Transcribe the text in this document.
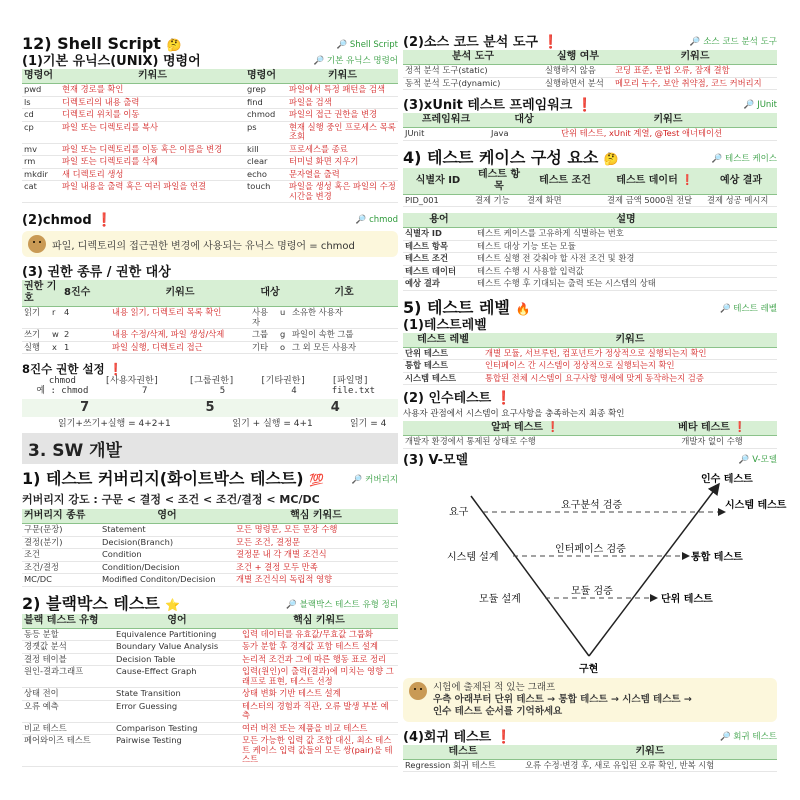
12) Shell Script 🤔	🔎 Shell Script
(1)기본 유닉스(UNIX) 명령어	🔎 기본 유닉스 명령어
명령어	키워드	명령어	키워드
pwd	현재 경로를 확인	grep	파일에서 특정 패턴을 검색
ls	디렉토리의 내용 출력	find	파일을 검색
cd	디렉토리 위치를 이동	chmod	파일의 접근 권한을 변경
cp	파일 또는 디렉토리를 복사	ps	현재 실행 중인 프로세스 목록 조회
mv	파일 또는 디렉토리를 이동 혹은 이름을 변경	kill	프로세스를 종료
rm	파일 또는 디렉토리를 삭제	clear	터미널 화면 지우기
mkdir	새 디렉토리 생성	echo	문자열을 출력
cat	파일 내용을 출력 혹은 여러 파일을 연결	touch	파일을 생성 혹은 파일의 수정 시간을 변경
(2)chmod ❗	🔎 chmod
파일, 디렉토리의 접근권한 변경에 사용되는 유닉스 명령어 = chmod
(3) 권한 종류 / 권한 대상
권한 기호		8진수	키워드	대상		기호
읽기	r	4	내용 읽기, 디렉토리 목록 확인	사용자	u	소유한 사용자
쓰기	w	2	내용 수정/삭제, 파일 생성/삭제	그룹	g	파일이 속한 그룹
실행	x	1	파일 실행, 디렉토리 접근	기타	o	그 외 모든 사용자
8진수 권한 설정 ❗
chmod	[사용자권한]	[그룹권한]	[기타권한]	[파일명]
예 : chmod	7	5	4	file.txt
7	5	4
읽기+쓰기+실행 = 4+2+1	읽기 + 실행 = 4+1	읽기 = 4
3. SW 개발
1) 테스트 커버리지(화이트박스 테스트) 💯	🔎 커버리지
커버리지 강도 : 구문 < 결정 < 조건 < 조건/결정 < MC/DC
커버리지 종류	영어	핵심 키워드
구문(문장)	Statement	모든 명령문, 모든 문장 수행
결정(분기)	Decision(Branch)	모든 조건, 결정문
조건	Condition	결정문 내 각 개별 조건식
조건/결정	Condition/Decision	조건 + 결정 모두 만족
MC/DC	Modified Conditon/Decision	개별 조건식의 독립적 영향
2) 블랙박스 테스트 ⭐	🔎 블랙박스 테스트 유형 정리
블랙 테스트 유형	영어	핵심 키워드
동등 분할	Equivalence Partitioning	입력 데이터를 유효값/무효값 그룹화
경곗값 분석	Boundary Value Analysis	동가 분할 후 경계값 포함 테스트 설계
결정 테이블	Decision Table	논리적 조건과 그에 따른 행동 표로 정리
원인-결과그래프	Cause-Effect Graph	입력(원인)이 출력(결과)에 미치는 영향 그래프로 표현, 테스트 선정
상태 전이	State Transition	상태 변화 기반 테스트 설계
오류 예측	Error Guessing	테스터의 경험과 직관, 오류 발생 부분 예측
비교 테스트	Comparison Testing	여러 버전 또는 제품을 비교 테스트
페어와이즈 테스트	Pairwise Testing	모든 가능한 입력 값 조합 대신, 최소 테스트 케이스 입력 값들의 모든 쌍(pair)을 테스트
(2)소스 코드 분석 도구 ❗	🔎 소스 코드 분석 도구
분석 도구	실행 여부	키워드
정적 분석 도구(static)	실행하지 않음	코딩 표준, 문법 오류, 잠재 결함
동적 분석 도구(dynamic)	실행하면서 분석	메모리 누수, 보안 취약점, 코드 커버리지
(3)xUnit 테스트 프레임워크 ❗	🔎 JUnit
프레임워크	대상	키워드
JUnit	Java	단위 테스트, xUnit 계열, @Test 애너테이션
4) 테스트 케이스 구성 요소 🤔	🔎 테스트 케이스
식별자 ID	테스트 항목	테스트 조건	테스트 데이터 ❗	예상 결과
PID_001	결제 기능	결제 화면	결제 금액 5000원 전달	결제 성공 메시지
용어	설명
식별자 ID	테스트 케이스를 고유하게 식별하는 번호
테스트 항목	테스트 대상 기능 또는 모듈
테스트 조건	테스트 실행 전 갖춰야 할 사전 조건 및 환경
테스트 데이터	테스트 수행 시 사용할 입력값
예상 결과	테스트 수행 후 기대되는 출력 또는 시스템의 상태
5) 테스트 레벨 🔥	🔎 테스트 레벨
(1)테스트레벨
테스트 레벨	키워드
단위 테스트	개별 모듈, 서브루틴, 컴포넌트가 정상적으로 실행되는지 확인
통합 테스트	인터페이스 간 시스템이 정상적으로 실행되는지 확인
시스템 테스트	통합된 전체 시스템이 요구사항 명세에 맞게 동작하는지 검증
(2) 인수테스트 ❗
사용자 관점에서 시스템이 요구사항을 충족하는지 최종 확인
알파 테스트 ❗	베타 테스트 ❗
개발자 환경에서 통제된 상태로 수행	개발자 없이 수행
(3) V-모델	🔎 V-모델
요구
요구분석 검증
인수 테스트
시스템 테스트
시스템 설계
인터페이스 검증
통합 테스트
모듈 설계
모듈 검증
단위 테스트
구현
시험에 출제된 적 있는 그래프
우측 아래부터 단위 테스트 → 통합 테스트 → 시스템 테스트 →
인수 테스트 순서를 기억하세요
(4)회귀 테스트 ❗	🔎 회귀 테스트
테스트	키워드
Regression 회귀 테스트	오류 수정·변경 후, 새로 유입된 오류 확인, 반복 시험
